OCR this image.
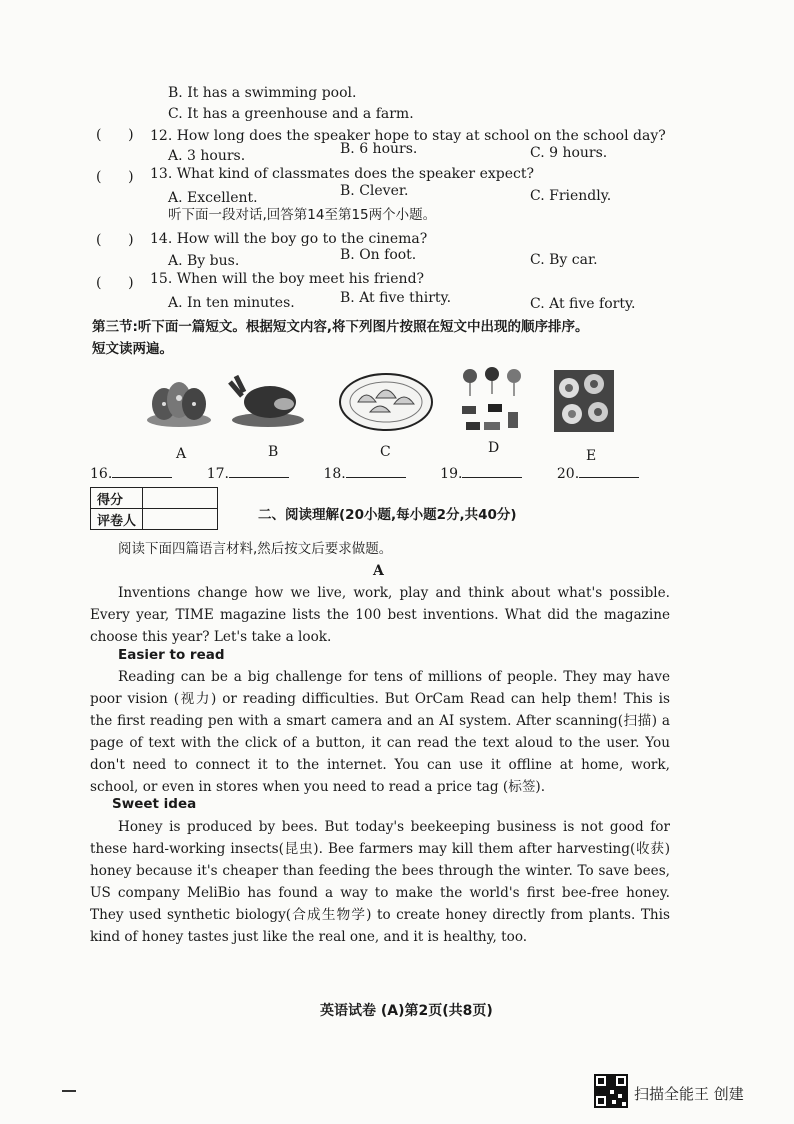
B. It has a swimming pool.
C. It has a greenhouse and a farm.
(      ) 12. How long does the speaker hope to stay at school on the school day?
A. 3 hours.	B. 6 hours.	C. 9 hours.
(      ) 13. What kind of classmates does the speaker expect?
A. Excellent.	B. Clever.	C. Friendly.
听下面一段对话,回答第14至第15两个小题。
(      ) 14. How will the boy go to the cinema?
A. By bus.	B. On foot.	C. By car.
(      ) 15. When will the boy meet his friend?
A. In ten minutes.	B. At five thirty.	C. At five forty.
第三节:听下面一篇短文。根据短文内容,将下列图片按照在短文中出现的顺序排序。
短文读两遍。
A	B	C	D	E
16.	17.	18.	19.	20.
得分	
评卷人		二、阅读理解(20小题,每小题2分,共40分)
阅读下面四篇语言材料,然后按文后要求做题。
A

Inventions change how we live, work, play and think about what's possible. Every year, TIME magazine lists the 100 best inventions. What did the magazine choose this year? Let's take a look.

Easier to read

Reading can be a big challenge for tens of millions of people. They may have poor vision (视力) or reading difficulties. But OrCam Read can help them! This is the first reading pen with a smart camera and an AI system. After scanning(扫描) a page of text with the click of a button, it can read the text aloud to the user. You don't need to connect it to the internet. You can use it offline at home, work, school, or even in stores when you need to read a price tag (标签).

Sweet idea

Honey is produced by bees. But today's beekeeping business is not good for these hard-working insects(昆虫). Bee farmers may kill them after harvesting(收获) honey because it's cheaper than feeding the bees through the winter. To save bees, US company MeliBio has found a way to make the world's first bee-free honey. They used synthetic biology(合成生物学) to create honey directly from plants. This kind of honey tastes just like the real one, and it is healthy, too.

英语试卷 (A)第2页(共8页)
扫描全能王 创建
